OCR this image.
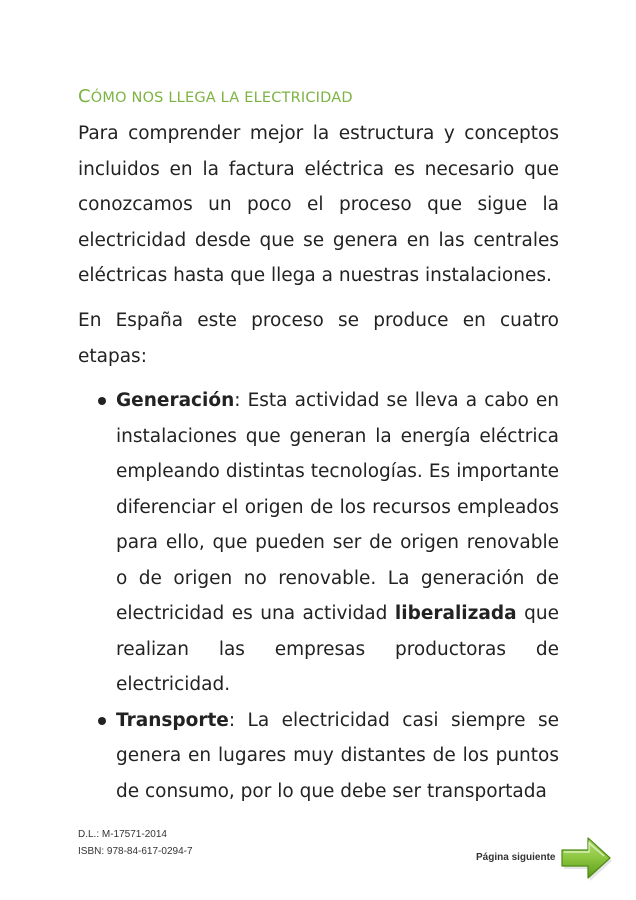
CÓMO NOS LLEGA LA ELECTRICIDAD
Para comprender mejor la estructura y conceptos incluidos en la factura eléctrica es necesario que conozcamos un poco el proceso que sigue la electricidad desde que se genera en las centrales eléctricas hasta que llega a nuestras instalaciones.
En España este proceso se produce en cuatro etapas:
Generación: Esta actividad se lleva a cabo en instalaciones que generan la energía eléctrica empleando distintas tecnologías. Es importante diferenciar el origen de los recursos empleados para ello, que pueden ser de origen renovable o de origen no renovable. La generación de electricidad es una actividad liberalizada que realizan las empresas productoras de electricidad.
Transporte: La electricidad casi siempre se genera en lugares muy distantes de los puntos de consumo, por lo que debe ser transportada
D.L.: M-17571-2014
ISBN: 978-84-617-0294-7
Página siguiente
